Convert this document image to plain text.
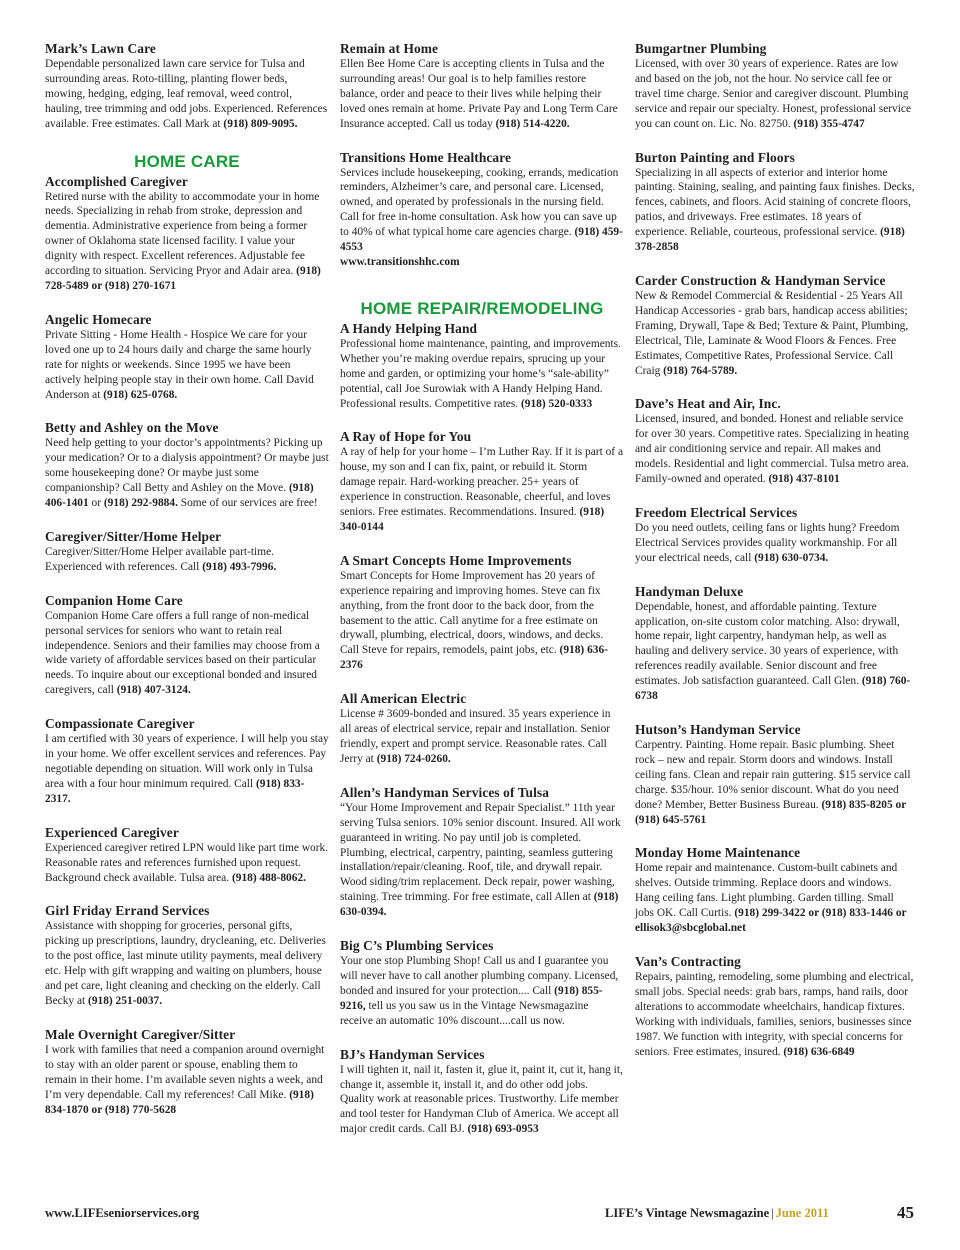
Mark’s Lawn Care

Dependable personalized lawn care service for Tulsa and surrounding areas. Roto-tilling, planting flower beds, mowing, hedging, edging, leaf removal, weed control, hauling, tree trimming and odd jobs. Experienced. References available. Free estimates. Call Mark at (918) 809-9095.

HOME CARE
Accomplished Caregiver

Retired nurse with the ability to accommodate your in home needs. Specializing in rehab from stroke, depression and dementia. Administrative experience from being a former owner of Oklahoma state licensed facility. I value your dignity with respect. Excellent references. Adjustable fee according to situation. Servicing Pryor and Adair area. (918) 728-5489 or (918) 270-1671

Angelic Homecare

Private Sitting - Home Health - Hospice We care for your loved one up to 24 hours daily and charge the same hourly rate for nights or weekends. Since 1995 we have been actively helping people stay in their own home. Call David Anderson at (918) 625-0768.

Betty and Ashley on the Move

Need help getting to your doctor’s appointments? Picking up your medication? Or to a dialysis appointment? Or maybe just some housekeeping done? Or maybe just some companionship? Call Betty and Ashley on the Move. (918) 406-1401 or (918) 292-9884. Some of our services are free!

Caregiver/Sitter/Home Helper

Caregiver/Sitter/Home Helper available part-time. Experienced with references. Call (918) 493-7996.

Companion Home Care

Companion Home Care offers a full range of non-medical personal services for seniors who want to retain real independence. Seniors and their families may choose from a wide variety of affordable services based on their particular needs. To inquire about our exceptional bonded and insured caregivers, call (918) 407-3124.

Compassionate Caregiver

I am certified with 30 years of experience. I will help you stay in your home. We offer excellent services and references. Pay negotiable depending on situation. Will work only in Tulsa area with a four hour minimum required. Call (918) 833-2317.

Experienced Caregiver

Experienced caregiver retired LPN would like part time work. Reasonable rates and references furnished upon request. Background check available. Tulsa area. (918) 488-8062.

Girl Friday Errand Services

Assistance with shopping for groceries, personal gifts, picking up prescriptions, laundry, drycleaning, etc. Deliveries to the post office, last minute utility payments, meal delivery etc. Help with gift wrapping and waiting on plumbers, house and pet care, light cleaning and checking on the elderly. Call Becky at (918) 251-0037.

Male Overnight Caregiver/Sitter

I work with families that need a companion around overnight to stay with an older parent or spouse, enabling them to remain in their home. I’m available seven nights a week, and I’m very dependable. Call my references! Call Mike. (918) 834-1870 or (918) 770-5628

Remain at Home

Ellen Bee Home Care is accepting clients in Tulsa and the surrounding areas! Our goal is to help families restore balance, order and peace to their lives while helping their loved ones remain at home. Private Pay and Long Term Care Insurance accepted. Call us today (918) 514-4220.

Transitions Home Healthcare

Services include housekeeping, cooking, errands, medication reminders, Alzheimer’s care, and personal care. Licensed, owned, and operated by professionals in the nursing field. Call for free in-home consultation. Ask how you can save up to 40% of what typical home care agencies charge. (918) 459-4553
www.transitionshhc.com

HOME REPAIR/REMODELING
A Handy Helping Hand

Professional home maintenance, painting, and improvements. Whether you’re making overdue repairs, sprucing up your home and garden, or optimizing your home’s “sale-ability” potential, call Joe Surowiak with A Handy Helping Hand. Professional results. Competitive rates. (918) 520-0333

A Ray of Hope for You

A ray of help for your home – I’m Luther Ray. If it is part of a house, my son and I can fix, paint, or rebuild it. Storm damage repair. Hard-working preacher. 25+ years of experience in construction. Reasonable, cheerful, and loves seniors. Free estimates. Recommendations. Insured. (918) 340-0144

A Smart Concepts Home Improvements

Smart Concepts for Home Improvement has 20 years of experience repairing and improving homes. Steve can fix anything, from the front door to the back door, from the basement to the attic. Call anytime for a free estimate on drywall, plumbing, electrical, doors, windows, and decks. Call Steve for repairs, remodels, paint jobs, etc. (918) 636-2376

All American Electric

License # 3609-bonded and insured. 35 years experience in all areas of electrical service, repair and installation. Senior friendly, expert and prompt service. Reasonable rates. Call Jerry at (918) 724-0260.

Allen’s Handyman Services of Tulsa

“Your Home Improvement and Repair Specialist.” 11th year serving Tulsa seniors. 10% senior discount. Insured. All work guaranteed in writing. No pay until job is completed. Plumbing, electrical, carpentry, painting, seamless guttering installation/repair/cleaning. Roof, tile, and drywall repair. Wood siding/trim replacement. Deck repair, power washing, staining. Tree trimming. For free estimate, call Allen at (918) 630-0394.

Big C’s Plumbing Services

Your one stop Plumbing Shop! Call us and I guarantee you will never have to call another plumbing company. Licensed, bonded and insured for your protection.... Call (918) 855-9216, tell us you saw us in the Vintage Newsmagazine receive an automatic 10% discount....call us now.

BJ’s Handyman Services

I will tighten it, nail it, fasten it, glue it, paint it, cut it, hang it, change it, assemble it, install it, and do other odd jobs. Quality work at reasonable prices. Trustworthy. Life member and tool tester for Handyman Club of America. We accept all major credit cards. Call BJ. (918) 693-0953

Bumgartner Plumbing

Licensed, with over 30 years of experience. Rates are low and based on the job, not the hour. No service call fee or travel time charge. Senior and caregiver discount. Plumbing service and repair our specialty. Honest, professional service you can count on. Lic. No. 82750. (918) 355-4747

Burton Painting and Floors

Specializing in all aspects of exterior and interior home painting. Staining, sealing, and painting faux finishes. Decks, fences, cabinets, and floors. Acid staining of concrete floors, patios, and driveways. Free estimates. 18 years of experience. Reliable, courteous, professional service. (918) 378-2858

Carder Construction & Handyman Service

New & Remodel Commercial & Residential - 25 Years All Handicap Accessories - grab bars, handicap access abilities; Framing, Drywall, Tape & Bed; Texture & Paint, Plumbing, Electrical, Tile, Laminate & Wood Floors & Fences. Free Estimates, Competitive Rates, Professional Service. Call Craig (918) 764-5789.

Dave’s Heat and Air, Inc.

Licensed, insured, and bonded. Honest and reliable service for over 30 years. Competitive rates. Specializing in heating and air conditioning service and repair. All makes and models. Residential and light commercial. Tulsa metro area. Family-owned and operated. (918) 437-8101

Freedom Electrical Services

Do you need outlets, ceiling fans or lights hung? Freedom Electrical Services provides quality workmanship. For all your electrical needs, call (918) 630-0734.

Handyman Deluxe

Dependable, honest, and affordable painting. Texture application, on-site custom color matching. Also: drywall, home repair, light carpentry, handyman help, as well as hauling and delivery service. 30 years of experience, with references readily available. Senior discount and free estimates. Job satisfaction guaranteed. Call Glen. (918) 760-6738

Hutson’s Handyman Service

Carpentry. Painting. Home repair. Basic plumbing. Sheet rock – new and repair. Storm doors and windows. Install ceiling fans. Clean and repair rain guttering. $15 service call charge. $35/hour. 10% senior discount. What do you need done? Member, Better Business Bureau. (918) 835-8205 or (918) 645-5761

Monday Home Maintenance

Home repair and maintenance. Custom-built cabinets and shelves. Outside trimming. Replace doors and windows. Hang ceiling fans. Light plumbing. Garden tilling. Small jobs OK. Call Curtis. (918) 299-3422 or (918) 833-1446 or ellisok3@sbcglobal.net

Van’s Contracting

Repairs, painting, remodeling, some plumbing and electrical, small jobs. Special needs: grab bars, ramps, hand rails, door alterations to accommodate wheelchairs, handicap fixtures. Working with individuals, families, seniors, businesses since 1987. We function with integrity, with special concerns for seniors. Free estimates, insured. (918) 636-6849

www.LIFEseniorservices.org	LIFE’s Vintage Newsmagazine | June 2011	45
